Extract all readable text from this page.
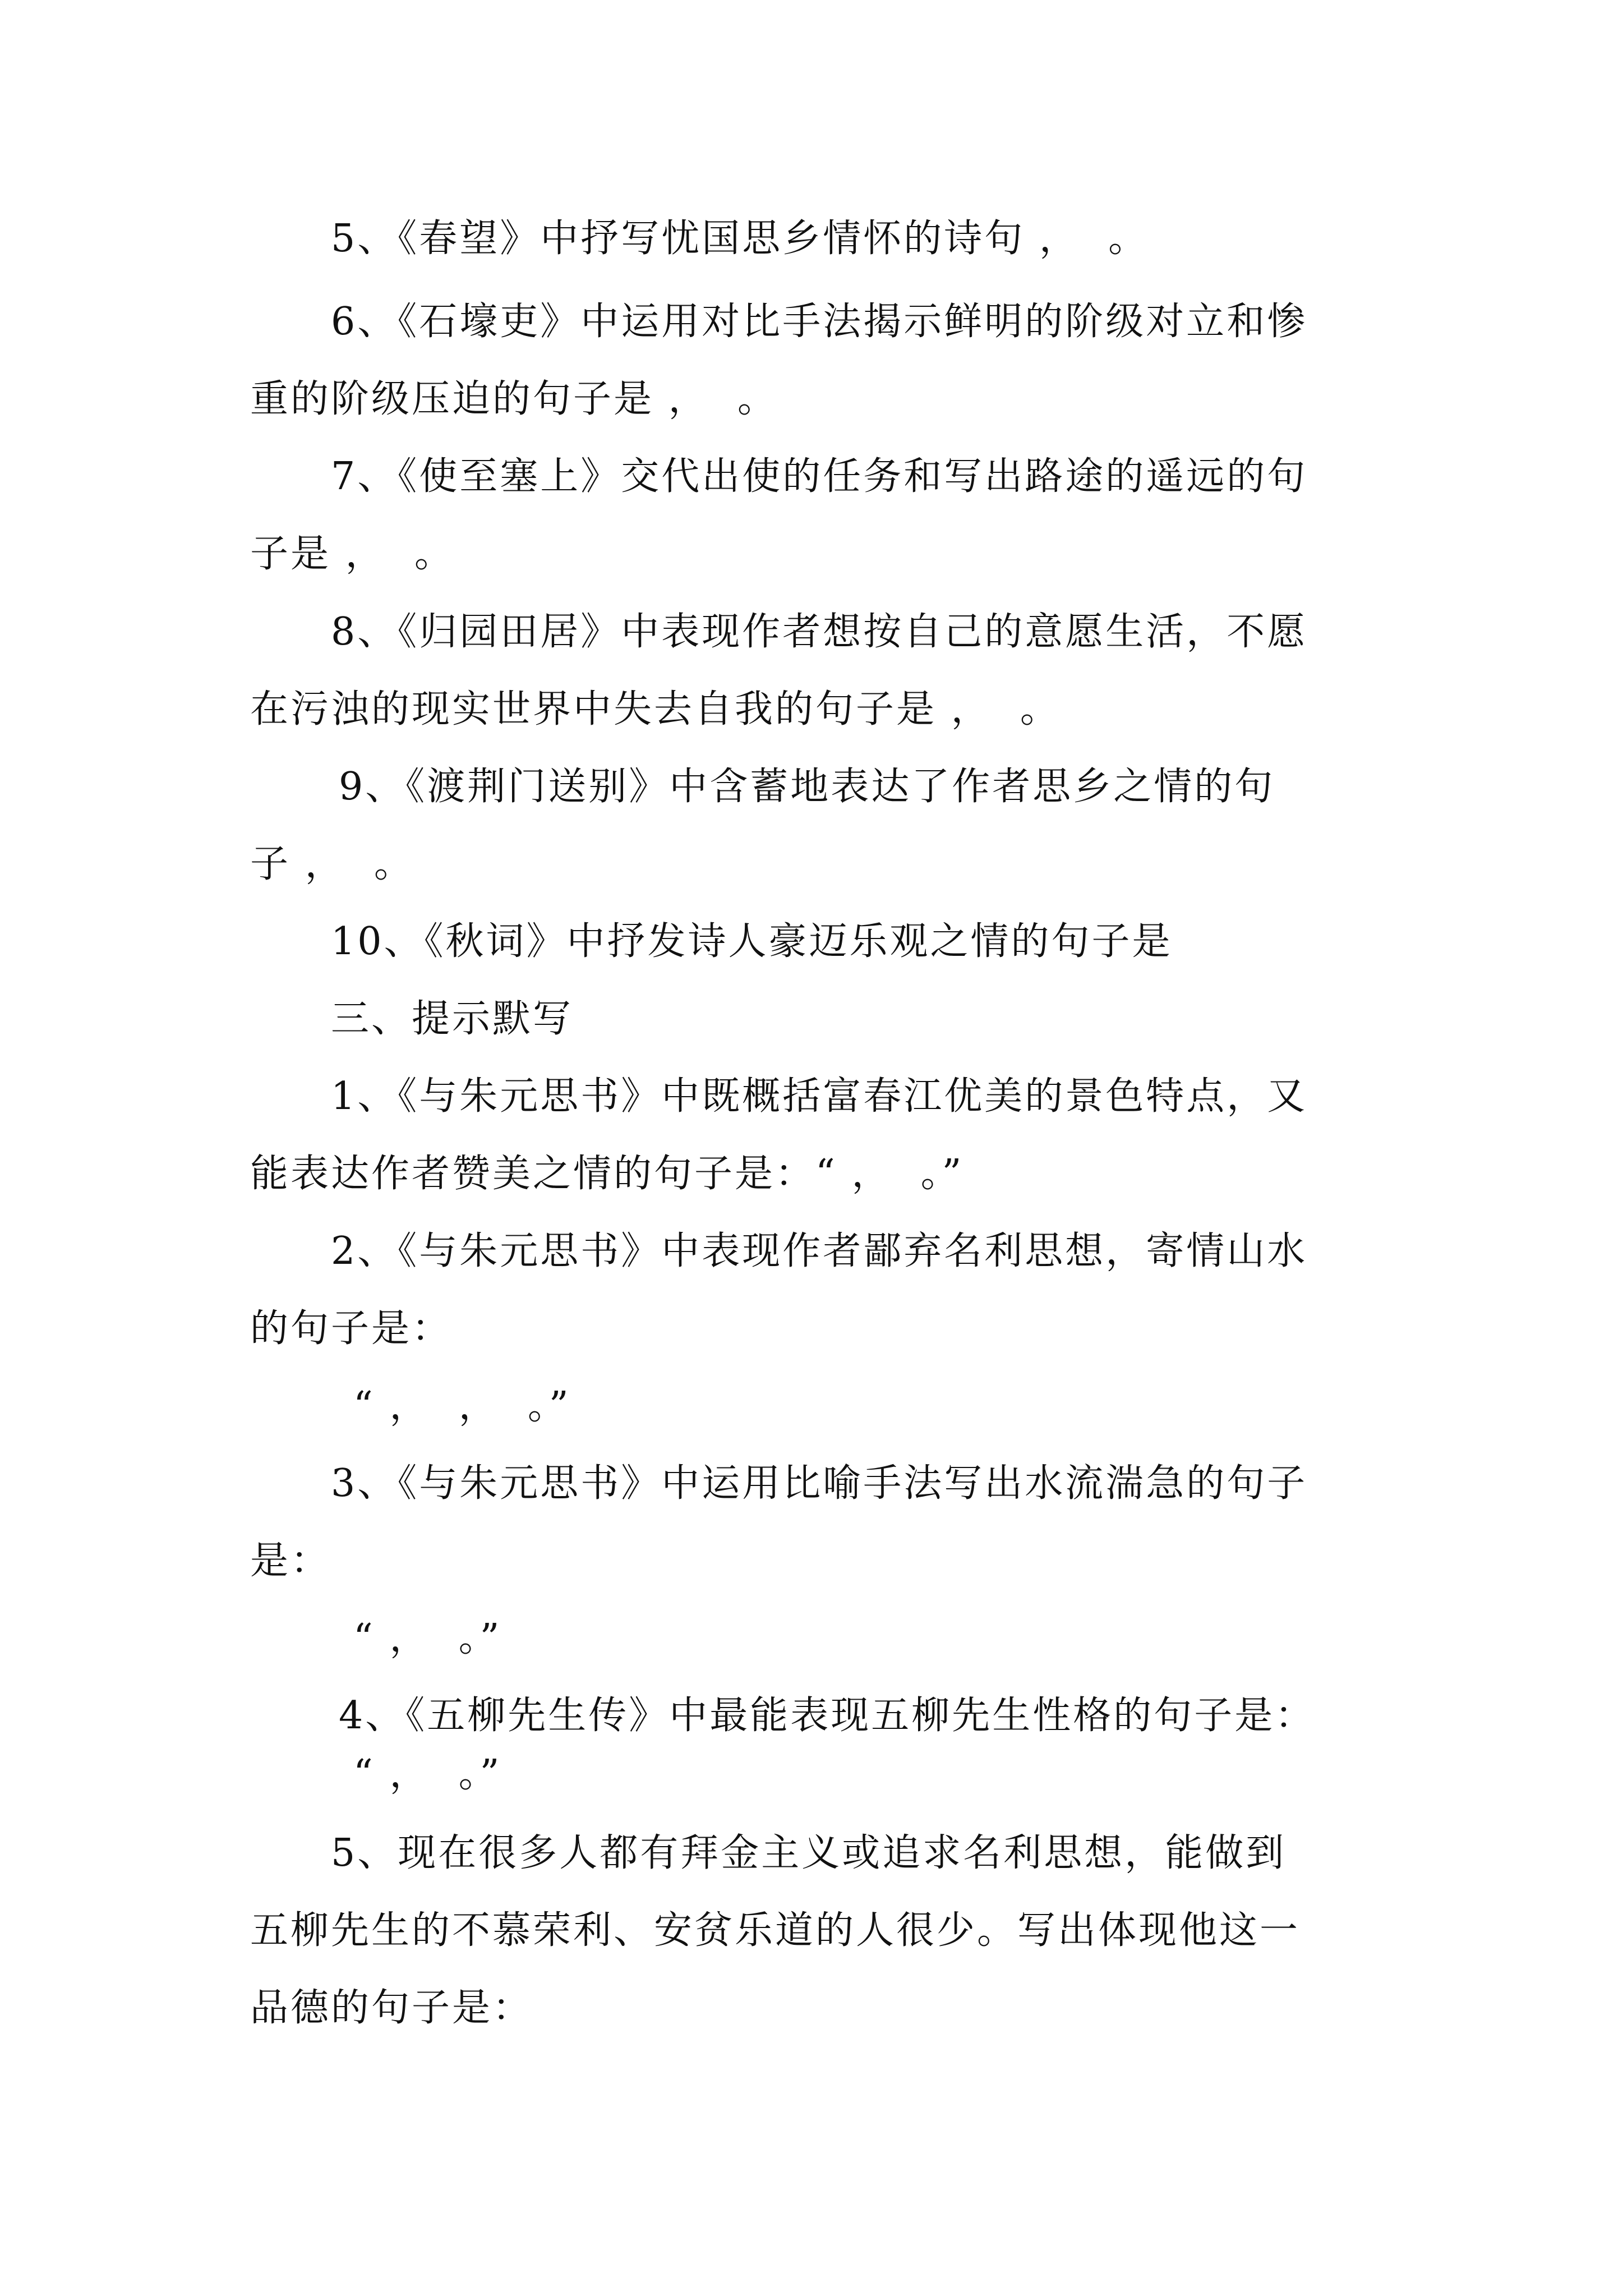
5、《春望》中抒写忧国思乡情怀的诗句 ，  。
6、《石壕吏》中运用对比手法揭示鲜明的阶级对立和惨
重的阶级压迫的句子是 ，  。
7、《使至塞上》交代出使的任务和写出路途的遥远的句
子是 ，  。
8、《归园田居》中表现作者想按自己的意愿生活，不愿
在污浊的现实世界中失去自我的句子是 ，  。
9、《渡荆门送别》中含蓄地表达了作者思乡之情的句
子 ，  。
10、《秋词》中抒发诗人豪迈乐观之情的句子是
三、提示默写
1、《与朱元思书》中既概括富春江优美的景色特点，又
能表达作者赞美之情的句子是：“ ，  。”
2、《与朱元思书》中表现作者鄙弃名利思想，寄情山水
的句子是：
“ ，  ，  。”
3、《与朱元思书》中运用比喻手法写出水流湍急的句子
是：
“ ，  。”
4、《五柳先生传》中最能表现五柳先生性格的句子是：
“ ，  。”
5、现在很多人都有拜金主义或追求名利思想，能做到
五柳先生的不慕荣利、安贫乐道的人很少。写出体现他这一
品德的句子是：
